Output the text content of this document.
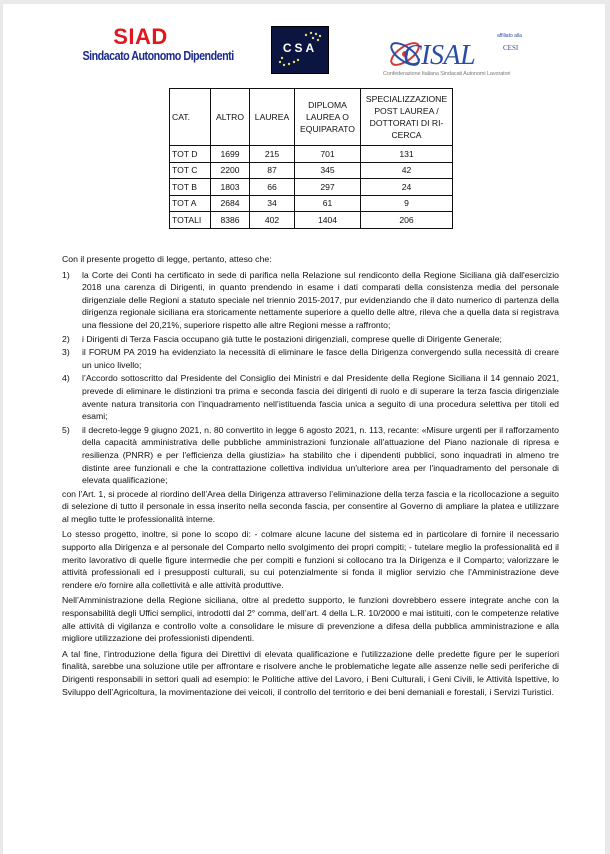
SIAD
Sindacato Autonomo Dipendenti
CSA	CISAL
affiliato alla
CESI
Confederazione Italiana Sindacati Autonomi Lavoratori
CAT.	ALTRO	LAUREA	DIPLOMA LAUREA O EQUIPARATO	SPECIALIZZAZIONE POST LAUREA / DOTTORATI DI RI-CERCA
TOT D	1699	215	701	131
TOT C	2200	87	345	42
TOT B	1803	66	297	24
TOT A	2684	34	61	9
TOTALI	8386	402	1404	206

Con il presente progetto di legge, pertanto, atteso che:

1)	la Corte dei Conti ha certificato in sede di parifica nella Relazione sul rendiconto della Regione Siciliana già dall'esercizio 2018 una carenza di Dirigenti, in quanto prendendo in esame i dati comparati della consistenza media del personale dirigenziale delle Regioni a statuto speciale nel triennio 2015-2017, pur evidenziando che il dato numerico di partenza della dirigenza regionale siciliana era storicamente nettamente superiore a quello delle altre, rileva che a quella data si registrava una flessione del 20,21%, superiore rispetto alle altre Regioni messe a raffronto;
2)	i Dirigenti di Terza Fascia occupano già tutte le postazioni dirigenziali, comprese quelle di Dirigente Generale;
3)	il FORUM PA 2019 ha evidenziato la necessità di eliminare le fasce della Dirigenza convergendo sulla necessità di creare un unico livello;
4)	l’Accordo sottoscritto dal Presidente del Consiglio dei Ministri e dal Presidente della Regione Siciliana il 14 gennaio 2021, prevede di eliminare le distinzioni tra prima e seconda fascia dei dirigenti di ruolo e di superare la terza fascia dirigenziale avente natura transitoria con l’inquadramento nell’istituenda fascia unica a seguito di una procedura selettiva per titoli ed esami;
5)	il decreto-legge 9 giugno 2021, n. 80 convertito in legge 6 agosto 2021, n. 113, recante: «Misure urgenti per il rafforzamento della capacità amministrativa delle pubbliche amministrazioni funzionale all'attuazione del Piano nazionale di ripresa e resilienza (PNRR) e per l'efficienza della giustizia» ha stabilito che i dipendenti pubblici, sono inquadrati in almeno tre distinte aree funzionali e che la contrattazione collettiva individua un'ulteriore area per l'inquadramento del personale di elevata qualificazione;

con l’Art. 1, si procede al riordino dell’Area della Dirigenza attraverso l’eliminazione della terza fascia e la ricollocazione a seguito di selezione di tutto il personale in essa inserito nella seconda fascia, per consentire al Governo di ampliare la platea e utilizzare al meglio tutte le professionalità interne.

Lo stesso progetto, inoltre, si pone lo scopo di: - colmare alcune lacune del sistema ed in particolare di fornire il necessario supporto alla Dirigenza e al personale del Comparto nello svolgimento dei propri compiti; - tutelare meglio la professionalità ed il merito lavorativo di quelle figure intermedie che per compiti e funzioni si collocano tra la Dirigenza e il Comparto; valorizzare le attività professionali ed i presupposti culturali, su cui potenzialmente si fonda il miglior servizio che l'Amministrazione deve rendere e/o fornire alla collettività e alle attività produttive.

Nell’Amministrazione della Regione siciliana, oltre al predetto supporto, le funzioni dovrebbero essere integrate anche con la responsabilità degli Uffici semplici, introdotti dal 2° comma, dell’art. 4 della L.R. 10/2000 e mai istituiti, con le competenze relative alle attività di vigilanza e controllo volte a consolidare le misure di prevenzione a difesa della pubblica amministrazione e alla migliore utilizzazione dei professionisti dipendenti.

A tal fine, l’introduzione della figura dei Direttivi di elevata qualificazione e l'utilizzazione delle predette figure per le superiori finalità, sarebbe una soluzione utile per affrontare e risolvere anche le problematiche legate alle assenze nelle sedi periferiche di Dirigenti responsabili in settori quali ad esempio: le Politiche attive del Lavoro, i Beni Culturali, i Geni Civili, le Attività Ispettive, lo Sviluppo dell’Agricoltura, la movimentazione dei veicoli, il controllo del territorio e dei beni demaniali e forestali, i Servizi Turistici.
